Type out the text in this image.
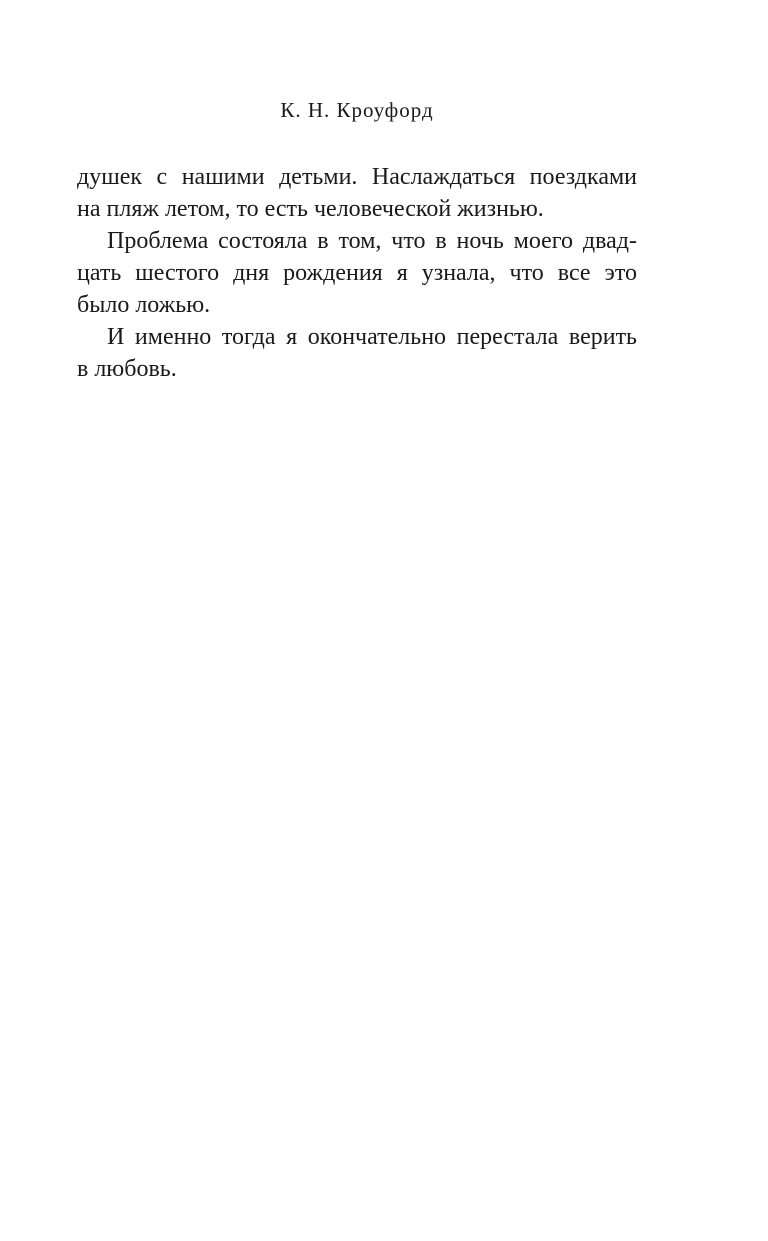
К. Н. Кроуфорд
душек с нашими детьми. Наслаждаться поездками
на пляж летом, то есть человеческой жизнью.
Проблема состояла в том, что в ночь моего двад-
цать шестого дня рождения я узнала, что все это
было ложью.
И именно тогда я окончательно перестала верить
в любовь.
